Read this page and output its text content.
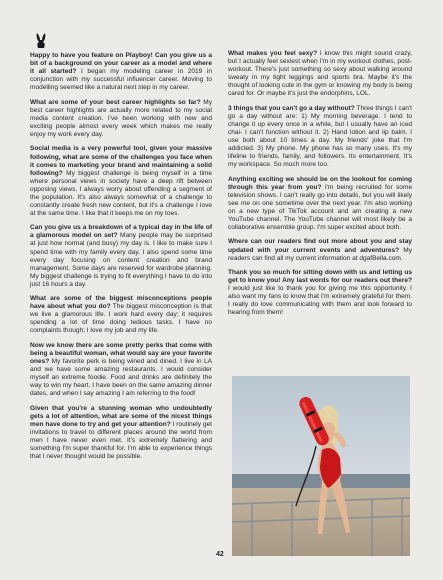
Happy to have you feature on Playboy! Can you give us a bit of a background on your career as a model and where it all started? I began my modeling career in 2019 in conjunction with my successful influencer career. Moving to modelling seemed like a natural next step in my career.

What are some of your best career highlights so far? My best career highlights are actually more related to my social media content creation. I've been working with new and exciting people almost every week which makes me really enjoy my work every day.

Social media is a very powerful tool, given your massive following, what are some of the challenges you face when it comes to marketing your brand and maintaining a solid following? My biggest challenge is being myself in a time where personal views in society have a deep rift between opposing views. I always worry about offending a segment of the population. It's also always somewhat of a challenge to constantly create fresh new content, but it's a challenge I love at the same time. I like that it keeps me on my toes.

Can you give us a breakdown of a typical day in the life of a glamorous model on set? Many people may be surprised at just how normal (and busy) my day is. I like to make sure I spend time with my family every day. I also spend some time every day focusing on content creation and brand management. Some days are reserved for wardrobe planning. My biggest challenge is trying to fit everything I have to do into just 16 hours a day.

What are some of the biggest misconceptions people have about what you do? The biggest misconception is that we live a glamorous life. I work hard every day; it requires spending a lot of time doing tedious tasks. I have no complaints though; I love my job and my life.

Now we know there are some pretty perks that come with being a beautiful woman, what would say are your favorite ones? My favorite perk is being wined and dined. I live in LA and we have some amazing restaurants. I would consider myself an extreme foodie. Food and drinks are definitely the way to win my heart. I have been on the same amazing dinner dates, and when I say amazing I am referring to the food!

Given that you're a stunning woman who undoubtedly gets a lot of attention, what are some of the nicest things men have done to try and get your attention? I routinely get invitations to travel to different places around the world from men I have never even met. It's extremely flattering and something I'm super thankful for. I'm able to experience things that I never thought would be possible.

What makes you feel sexy? I know this might sound crazy, but I actually feel sexiest when I'm in my workout clothes, post-workout. There's just something so sexy about walking around sweaty in my tight leggings and sports bra. Maybe it's the thought of looking cute in the gym or knowing my body is being cared for. Or maybe it's just the endorphins, LOL.

3 things that you can't go a day without? Three things I can't go a day without are: 1) My morning beverage. I tend to change it up every once in a while, but I usually have an iced chai- I can't function without it. 2) Hand lotion and lip balm. I use both about 10 times a day. My friends' joke that I'm addicted. 3) My phone. My phone has so many uses. It's my lifeline to friends, family, and followers. Its entertainment. It's my workspace. So much more too.

Anything exciting we should be on the lookout for coming through this year from you? I'm being recruited for some television shows. I can't really go into details, but you will likely see me on one sometime over the next year. I'm also working on a new type of TikTok account and am creating a new YouTube channel. The YouTube channel will most likely be a collaborative ensemble group. I'm super excited about both.

Where can our readers find out more about you and stay updated with your current events and adventures? My readers can find all my current information at dgafBella.com.

Thank you so much for sitting down with us and letting us get to know you! Any last words for our readers out there? I would just like to thank you for giving me this opportunity. I also want my fans to know that I'm extremely grateful for them. I really do love communicating with them and look forward to hearing from them!

42
